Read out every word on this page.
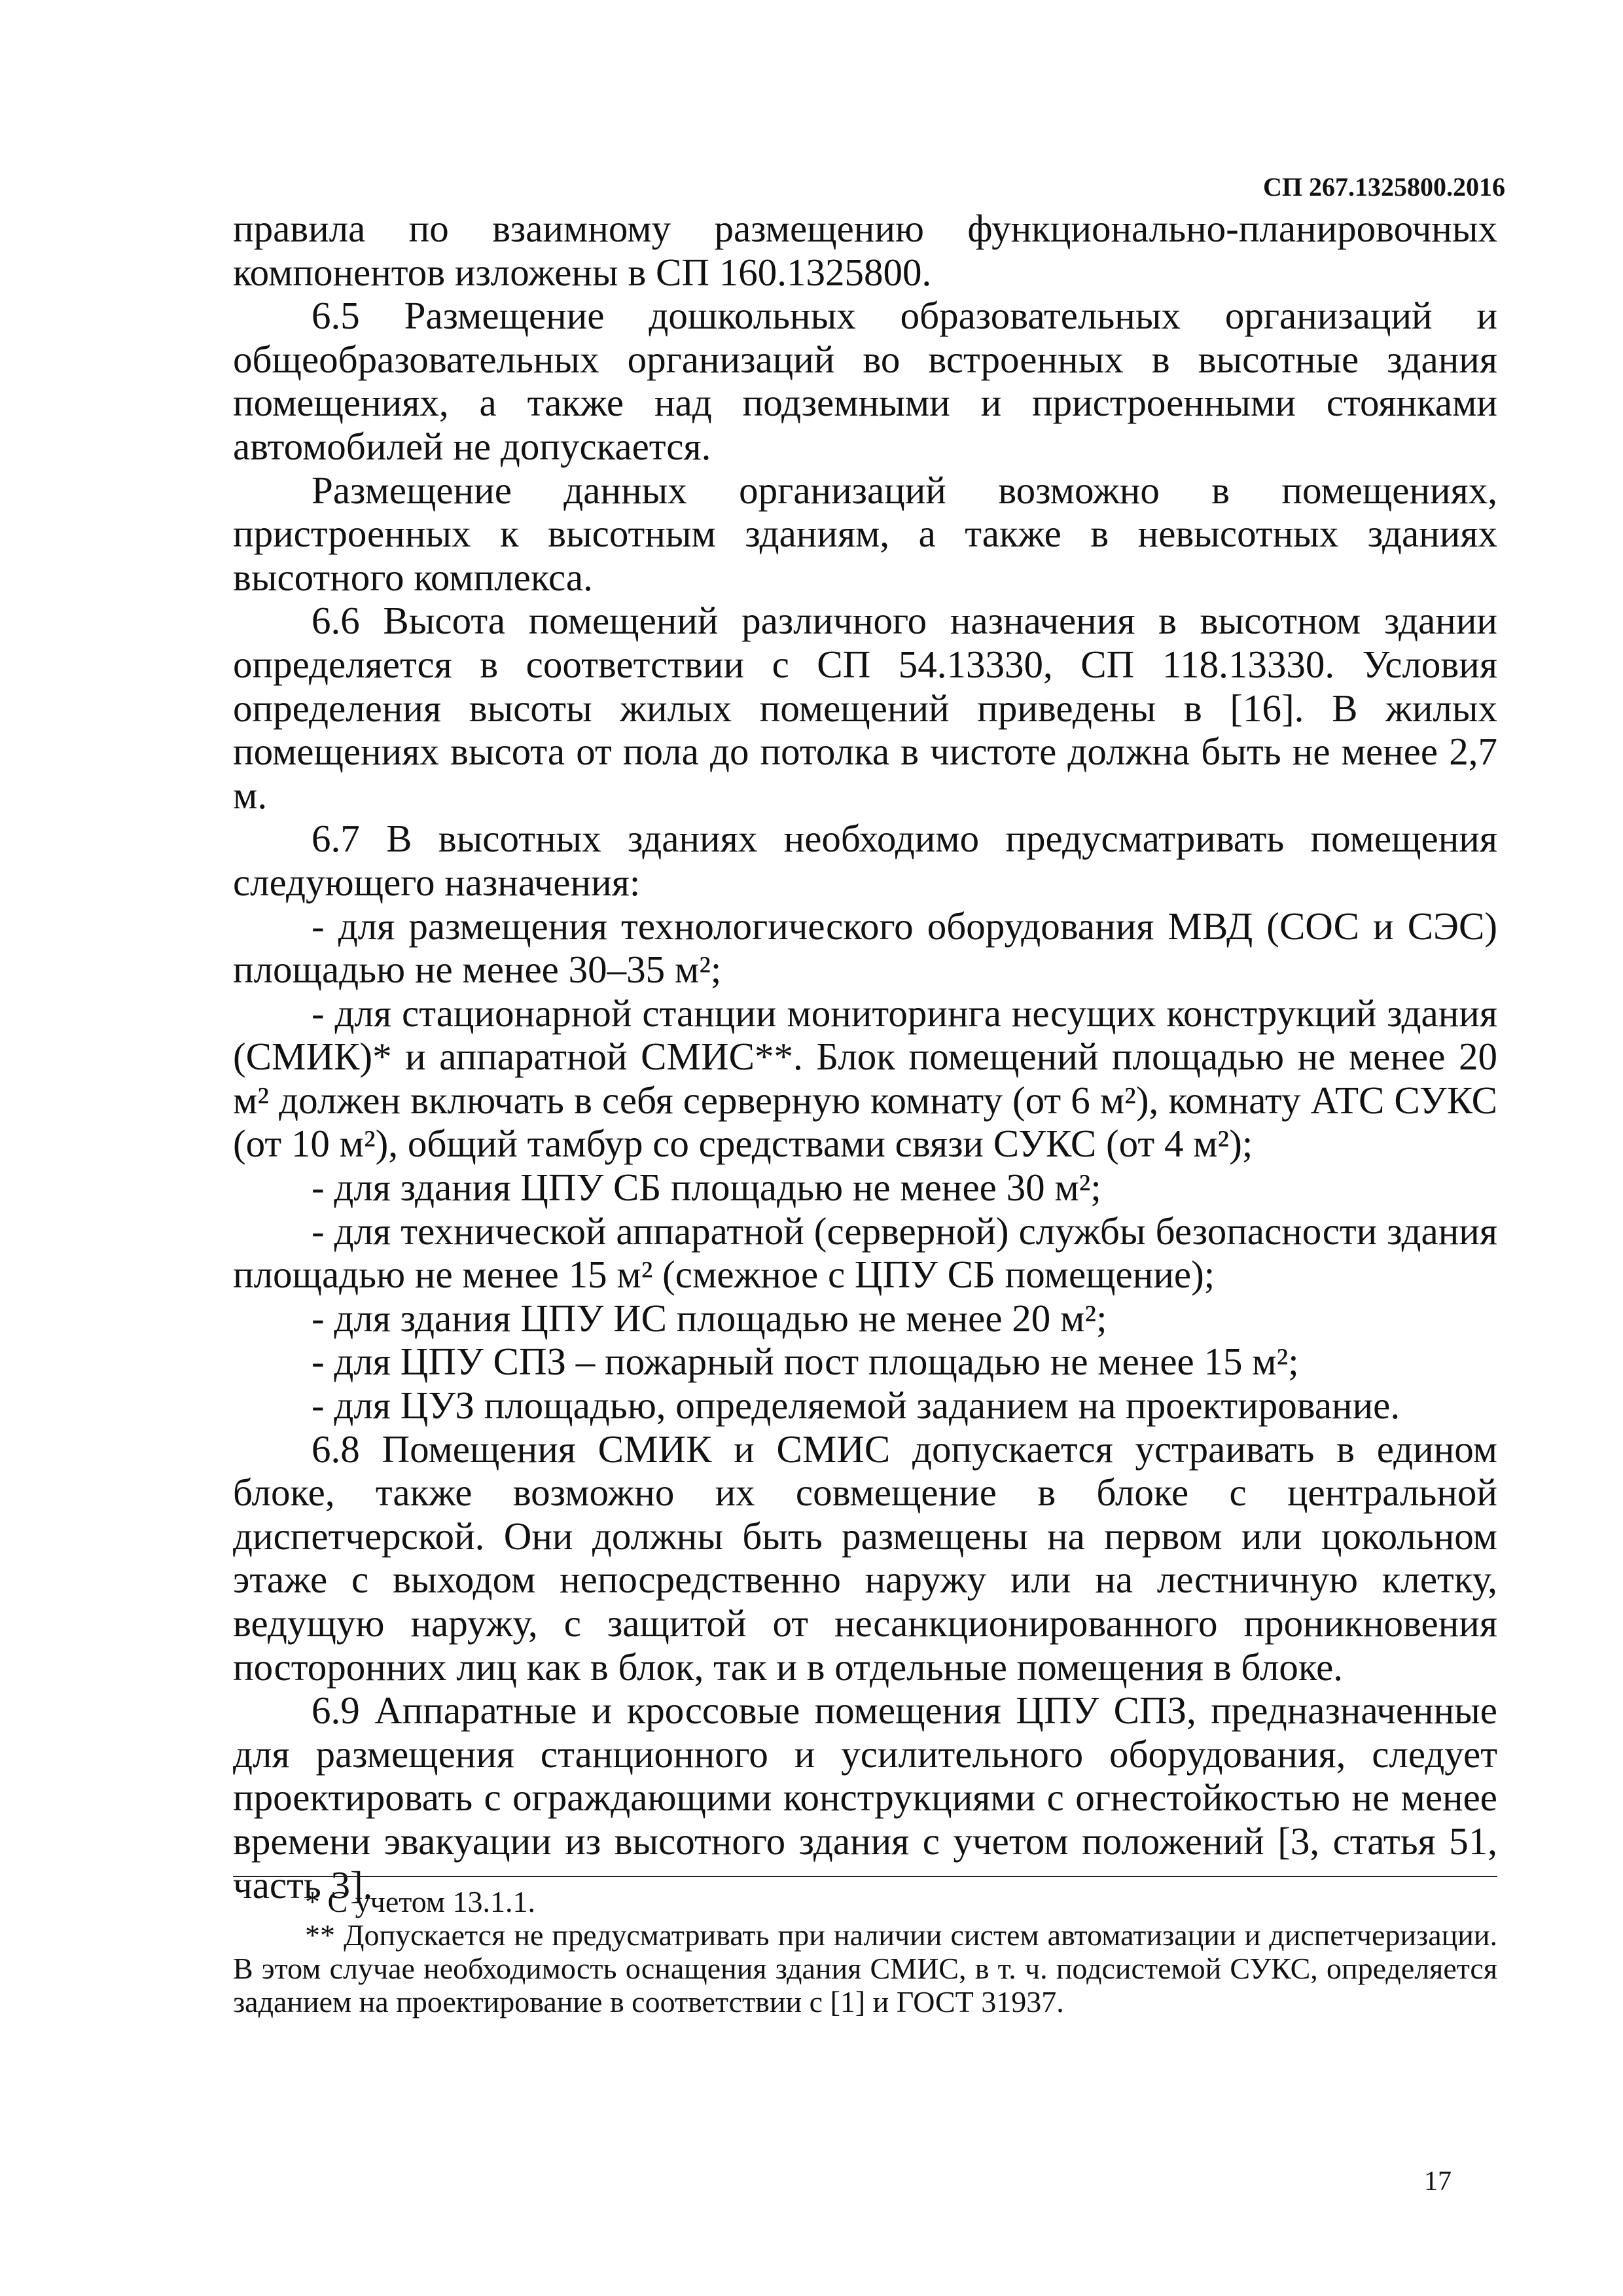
СП 267.1325800.2016

правила по взаимному размещению функционально-планировочных компонентов изложены в СП 160.1325800.

6.5 Размещение дошкольных образовательных организаций и общеобразовательных организаций во встроенных в высотные здания помещениях, а также над подземными и пристроенными стоянками автомобилей не допускается.

Размещение данных организаций возможно в помещениях, пристроенных к высотным зданиям, а также в невысотных зданиях высотного комплекса.

6.6 Высота помещений различного назначения в высотном здании определяется в соответствии с СП 54.13330, СП 118.13330. Условия определения высоты жилых помещений приведены в [16]. В жилых помещениях высота от пола до потолка в чистоте должна быть не менее 2,7 м.

6.7 В высотных зданиях необходимо предусматривать помещения следующего назначения:

- для размещения технологического оборудования МВД (СОС и СЭС) площадью не менее 30–35 м²;

- для стационарной станции мониторинга несущих конструкций здания (СМИК)* и аппаратной СМИС**. Блок помещений площадью не менее 20 м² должен включать в себя серверную комнату (от 6 м²), комнату АТС СУКС (от 10 м²), общий тамбур со средствами связи СУКС (от 4 м²);

- для здания ЦПУ СБ площадью не менее 30 м²;

- для технической аппаратной (серверной) службы безопасности здания площадью не менее 15 м² (смежное с ЦПУ СБ помещение);

- для здания ЦПУ ИС площадью не менее 20 м²;

- для ЦПУ СПЗ – пожарный пост площадью не менее 15 м²;

- для ЦУЗ площадью, определяемой заданием на проектирование.

6.8 Помещения СМИК и СМИС допускается устраивать в едином блоке, также возможно их совмещение в блоке с центральной диспетчерской. Они должны быть размещены на первом или цокольном этаже с выходом непосредственно наружу или на лестничную клетку, ведущую наружу, с защитой от несанкционированного проникновения посторонних лиц как в блок, так и в отдельные помещения в блоке.

6.9 Аппаратные и кроссовые помещения ЦПУ СПЗ, предназначенные для размещения станционного и усилительного оборудования, следует проектировать с ограждающими конструкциями с огнестойкостью не менее времени эвакуации из высотного здания с учетом положений [3, статья 51, часть 3].

* С учетом 13.1.1.

** Допускается не предусматривать при наличии систем автоматизации и диспетчеризации. В этом случае необходимость оснащения здания СМИС, в т. ч. подсистемой СУКС, определяется заданием на проектирование в соответствии с [1] и ГОСТ 31937.

17
